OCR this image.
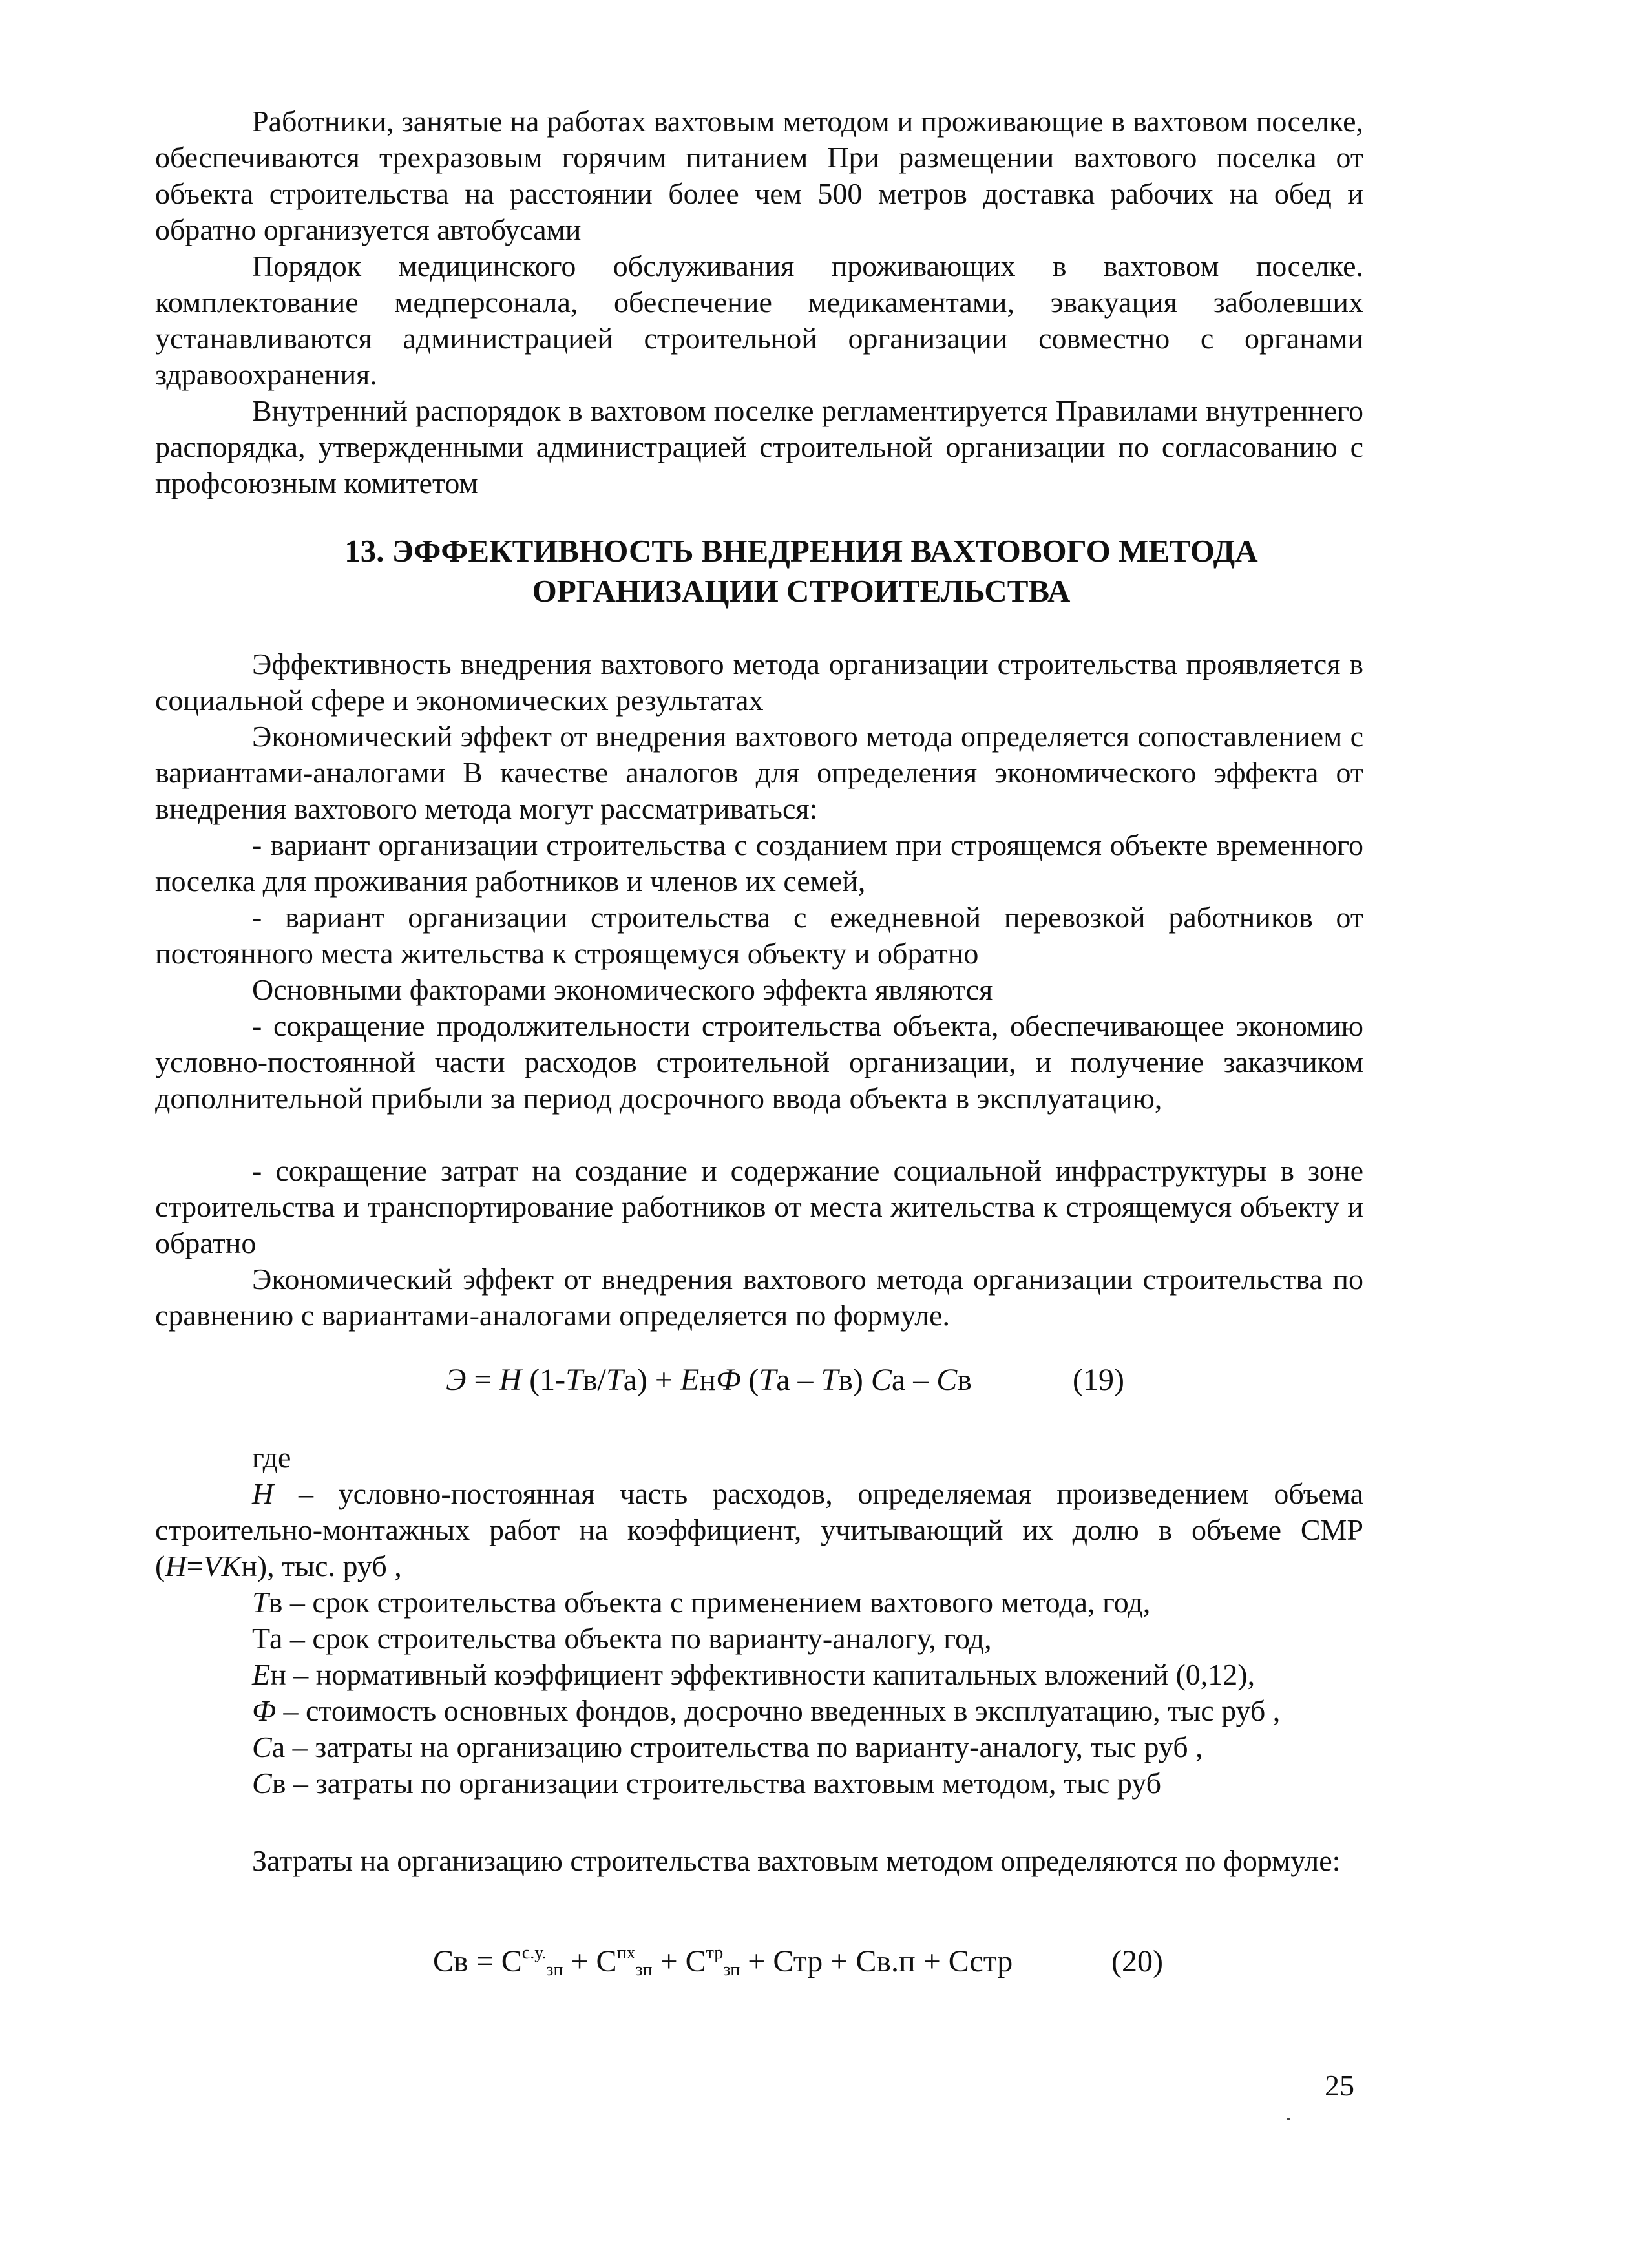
Работники, занятые на работах вахтовым методом и проживающие в вахтовом поселке, обеспечиваются трехразовым горячим питанием При размещении вахтового поселка от объекта строительства на расстоянии более чем 500 метров доставка рабочих на обед и обратно организуется автобусами

Порядок медицинского обслуживания проживающих в вахтовом поселке. комплектование медперсонала, обеспечение медикаментами, эвакуация заболевших устанавливаются администрацией строительной организации совместно с органами здравоохранения.

Внутренний распорядок в вахтовом поселке регламентируется Правилами внутреннего распорядка, утвержденными администрацией строительной организации по согласованию с профсоюзным комитетом

13. ЭФФЕКТИВНОСТЬ ВНЕДРЕНИЯ ВАХТОВОГО МЕТОДА

ОРГАНИЗАЦИИ СТРОИТЕЛЬСТВА

Эффективность внедрения вахтового метода организации строительства проявляется в социальной сфере и экономических результатах

Экономический эффект от внедрения вахтового метода определяется сопоставлением с вариантами-аналогами В качестве аналогов для определения экономического эффекта от внедрения вахтового метода могут рассматриваться:

- вариант организации строительства с созданием при строящемся объекте временного поселка для проживания работников и членов их семей,

- вариант организации строительства с ежедневной перевозкой работников от постоянного места жительства к строящемуся объекту и обратно

Основными факторами экономического эффекта являются

- сокращение продолжительности строительства объекта, обеспечивающее экономию условно-постоянной части расходов строительной организации, и получение заказчиком дополнительной прибыли за период досрочного ввода объекта в эксплуатацию,

- сокращение затрат на создание и содержание социальной инфраструктуры в зоне строительства и транспортирование работников от места жительства к строящемуся объекту и обратно

Экономический эффект от внедрения вахтового метода организации строительства по сравнению с вариантами-аналогами определяется по формуле.

Э = Н (1-Тв/Та) + ЕнФ (Та – Тв) Са – Св	(19)

где

Н – условно-постоянная часть расходов, определяемая произведением объема строительно-монтажных работ на коэффициент, учитывающий их долю в объеме СМР (Н=VКн), тыс. руб ,

Тв – срок строительства объекта с применением вахтового метода, год,

Та – срок строительства объекта по варианту-аналогу, год,

Ен – нормативный коэффициент эффективности капитальных вложений (0,12),

Ф – стоимость основных фондов, досрочно введенных в эксплуатацию, тыс руб ,

Са – затраты на организацию строительства по варианту-аналогу, тыс руб ,

Св – затраты по организации строительства вахтовым методом, тыс руб

Затраты на организацию строительства вахтовым методом определяются по формуле:

Св = $С^{с.у.}_{зп} + С^{пх}_{зп} + С^{тр}_{зп}$ + Стр + Св.п + Сстр	(20)
25
